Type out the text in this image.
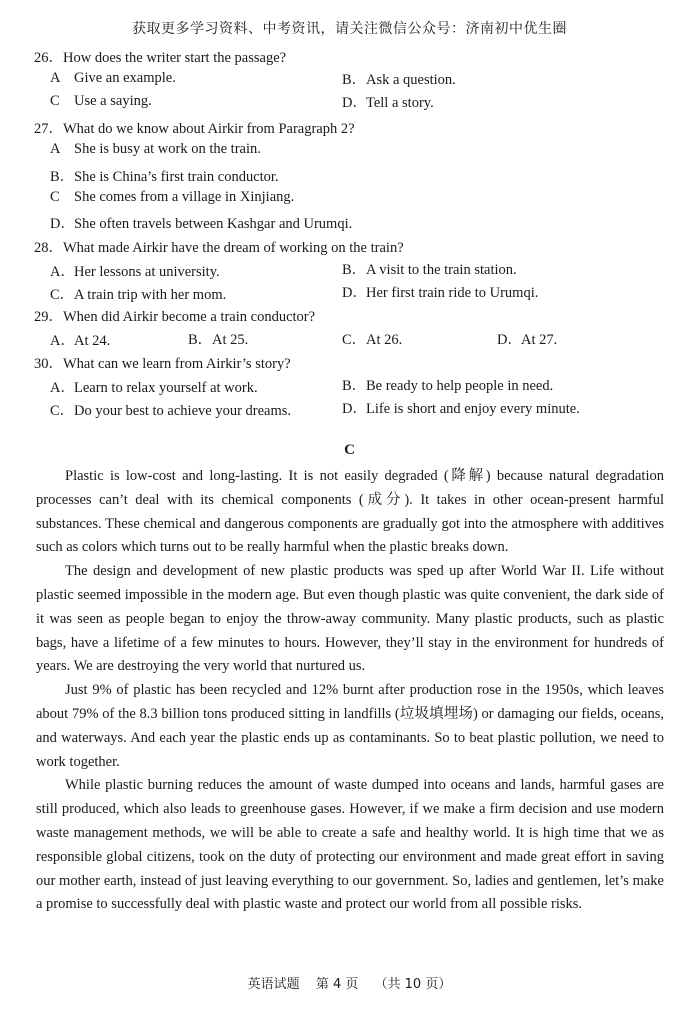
获取更多学习资料、中考资讯，请关注微信公众号：济南初中优生圈
26．How does the writer start the passage?
A Give an example.	B．Ask a question.
C Use a saying.	D．Tell a story.
27．What do we know about Airkir from Paragraph 2?
A She is busy at work on the train.
B．She is China’s first train conductor.
C She comes from a village in Xinjiang.
D．She often travels between Kashgar and Urumqi.
28．What made Airkir have the dream of working on the train?
A．Her lessons at university.	B．A visit to the train station.
C．A train trip with her mom.	D．Her first train ride to Urumqi.
29．When did Airkir become a train conductor?
A．At 24.	B．At 25.	C．At 26.	D．At 27.
30．What can we learn from Airkir’s story?
A．Learn to relax yourself at work.	B．Be ready to help people in need.
C．Do your best to achieve your dreams.	D．Life is short and enjoy every minute.
C

Plastic is low-cost and long-lasting. It is not easily degraded (降解) because natural degradation processes can’t deal with its chemical components (成分). It takes in other ocean-present harmful substances. These chemical and dangerous components are gradually got into the atmosphere with additives such as colors which turns out to be really harmful when the plastic breaks down.

The design and development of new plastic products was sped up after World War II. Life without plastic seemed impossible in the modern age. But even though plastic was quite convenient, the dark side of it was seen as people began to enjoy the throw-away community. Many plastic products, such as plastic bags, have a lifetime of a few minutes to hours. However, they’ll stay in the environment for hundreds of years. We are destroying the very world that nurtured us.

Just 9% of plastic has been recycled and 12% burnt after production rose in the 1950s, which leaves about 79% of the 8.3 billion tons produced sitting in landfills (垃圾填埋场) or damaging our fields, oceans, and waterways. And each year the plastic ends up as contaminants. So to beat plastic pollution, we need to work together.

While plastic burning reduces the amount of waste dumped into oceans and lands, harmful gases are still produced, which also leads to greenhouse gases. However, if we make a firm decision and use modern waste management methods, we will be able to create a safe and healthy world. It is high time that we as responsible global citizens, took on the duty of protecting our environment and made great effort in saving our mother earth, instead of just leaving everything to our government. So, ladies and gentlemen, let’s make a promise to successfully deal with plastic waste and protect our world from all possible risks.

英语试题 第 4 页 （共 10 页）
